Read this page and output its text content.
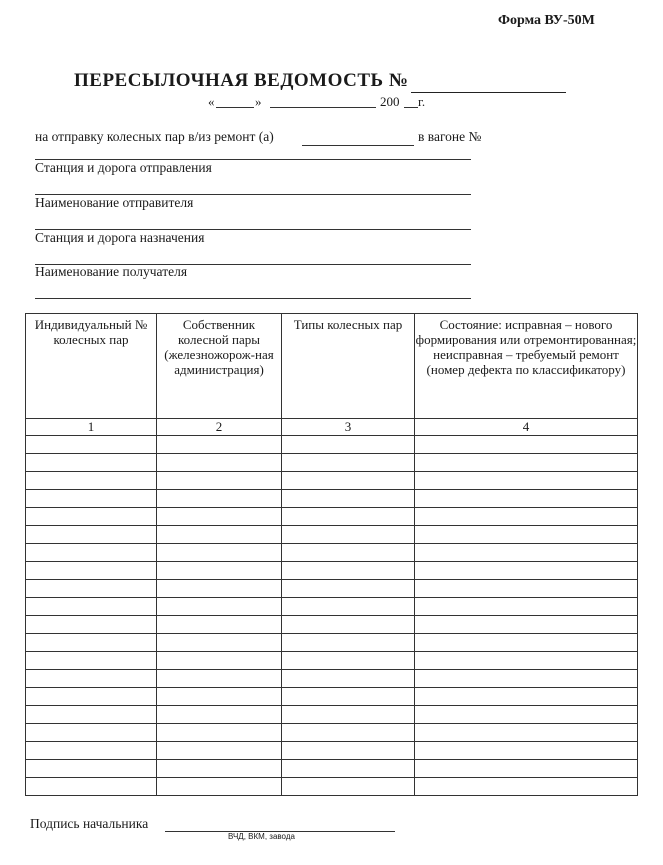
Форма ВУ-50М
ПЕРЕСЫЛОЧНАЯ ВЕДОМОСТЬ №
«	»	200 г.
на отправку колесных пар в/из ремонт (а)	в вагоне №
Станция и дорога отправления
Наименование отправителя
Станция и дорога назначения
Наименование получателя
Индивидуальный № колесных пар	Собственник колесной пары (железножорож-ная администрация)	Типы колесных пар	Состояние: исправная – нового формирования или отремонтированная; неисправная – требуемый ремонт (номер дефекта по классификатору)
1	2	3	4

Подпись начальника
ВЧД, ВКМ, завода
